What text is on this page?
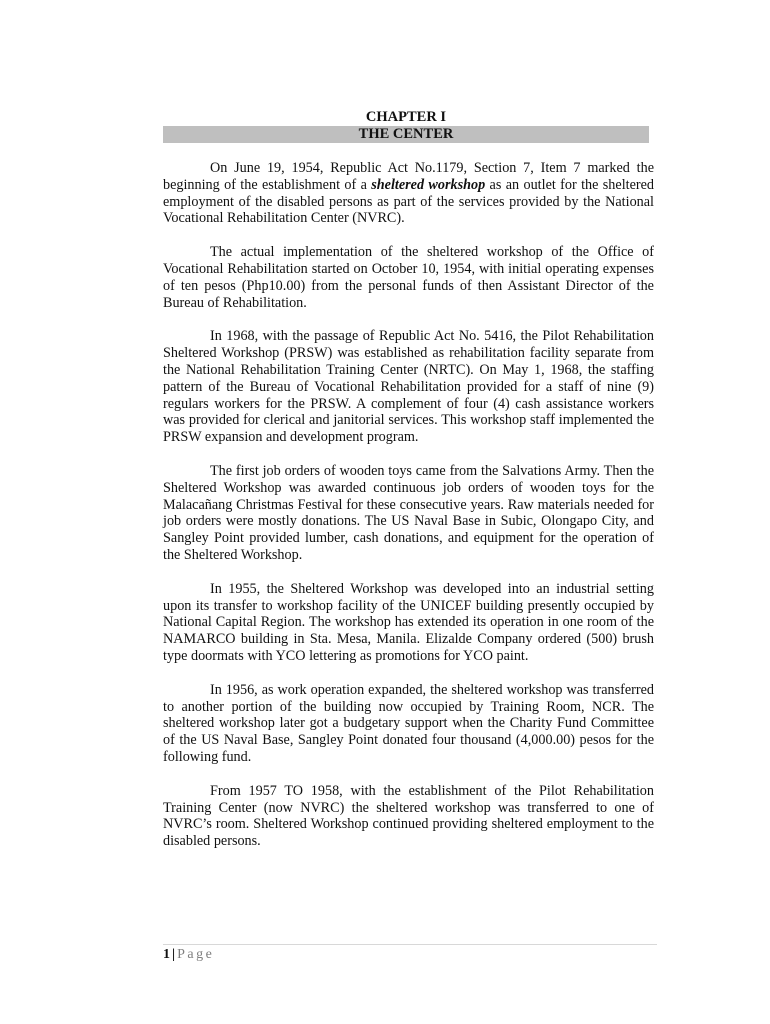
CHAPTER I
THE CENTER

On June 19, 1954, Republic Act No.1179, Section 7, Item 7 marked the beginning of the establishment of a sheltered workshop as an outlet for the sheltered employment of the disabled persons as part of the services provided by the National Vocational Rehabilitation Center (NVRC).

The actual implementation of the sheltered workshop of the Office of Vocational Rehabilitation started on October 10, 1954, with initial operating expenses of ten pesos (Php10.00) from the personal funds of then Assistant Director of the Bureau of Rehabilitation.

In 1968, with the passage of Republic Act No. 5416, the Pilot Rehabilitation Sheltered Workshop (PRSW) was established as rehabilitation facility separate from the National Rehabilitation Training Center (NRTC). On May 1, 1968, the staffing pattern of the Bureau of Vocational Rehabilitation provided for a staff of nine (9) regulars workers for the PRSW. A complement of four (4) cash assistance workers was provided for clerical and janitorial services. This workshop staff implemented the PRSW expansion and development program.

The first job orders of wooden toys came from the Salvations Army. Then the Sheltered Workshop was awarded continuous job orders of wooden toys for the Malacañang Christmas Festival for these consecutive years. Raw materials needed for job orders were mostly donations. The US Naval Base in Subic, Olongapo City, and Sangley Point provided lumber, cash donations, and equipment for the operation of the Sheltered Workshop.

In 1955, the Sheltered Workshop was developed into an industrial setting upon its transfer to workshop facility of the UNICEF building presently occupied by National Capital Region. The workshop has extended its operation in one room of the NAMARCO building in Sta. Mesa, Manila. Elizalde Company ordered (500) brush type doormats with YCO lettering as promotions for YCO paint.

In 1956, as work operation expanded, the sheltered workshop was transferred to another portion of the building now occupied by Training Room, NCR. The sheltered workshop later got a budgetary support when the Charity Fund Committee of the US Naval Base, Sangley Point donated four thousand (4,000.00) pesos for the following fund.

From 1957 TO 1958, with the establishment of the Pilot Rehabilitation Training Center (now NVRC) the sheltered workshop was transferred to one of NVRC’s room. Sheltered Workshop continued providing sheltered employment to the disabled persons.

1 | Page
